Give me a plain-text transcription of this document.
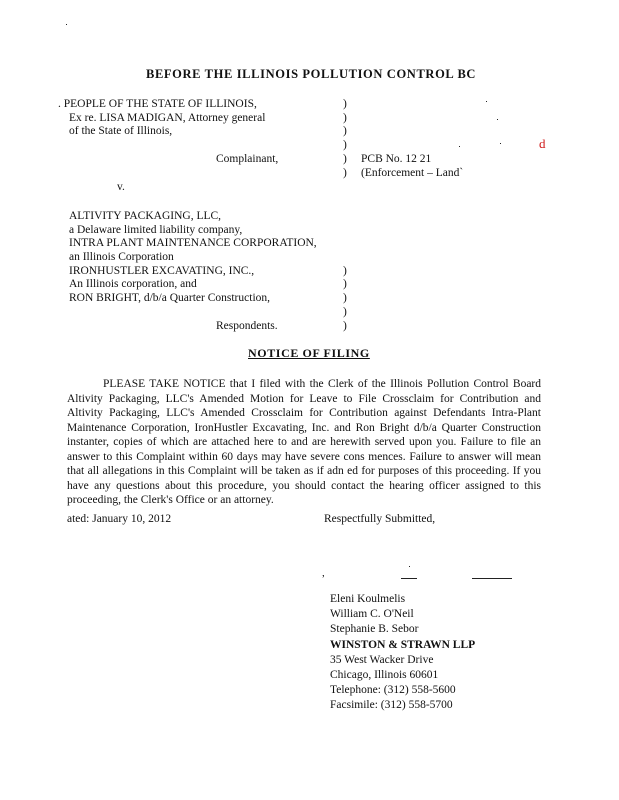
BEFORE THE ILLINOIS POLLUTION CONTROL BC
. PEOPLE OF THE STATE OF ILLINOIS,
Ex re. LISA MADIGAN, Attorney general
of the State of Illinois,
)
)
)
)
)
)
Complainant,	PCB No. 12 21
(Enforcement – Land`
v.
d
ALTIVITY PACKAGING, LLC,
a Delaware limited liability company,
INTRA PLANT MAINTENANCE CORPORATION,
an Illinois Corporation
IRONHUSTLER EXCAVATING, INC.,
An Illinois corporation, and
RON BRIGHT, d/b/a Quarter Construction,
)
)
)
)
)
Respondents.
NOTICE OF FILING

PLEASE TAKE NOTICE that I filed with the Clerk of the Illinois Pollution Control Board Altivity Packaging, LLC's Amended Motion for Leave to File Crossclaim for Contribution and Altivity Packaging, LLC's Amended Crossclaim for Contribution against Defendants Intra-Plant Maintenance Corporation, IronHustler Excavating, Inc. and Ron Bright d/b/a Quarter Construction instanter, copies of which are attached here to and are herewith served upon you. Failure to file an answer to this Complaint within 60 days may have severe cons mences. Failure to answer will mean that all allegations in this Complaint will be taken as if adn ed for purposes of this proceeding. If you have any questions about this procedure, you should contact the hearing officer assigned to this proceeding, the Clerk's Office or an attorney.

ated: January 10, 2012	Respectfully Submitted,
,
Eleni Koulmelis
William C. O'Neil
Stephanie B. Sebor
WINSTON & STRAWN LLP
35 West Wacker Drive
Chicago, Illinois 60601
Telephone: (312) 558-5600
Facsimile: (312) 558-5700
